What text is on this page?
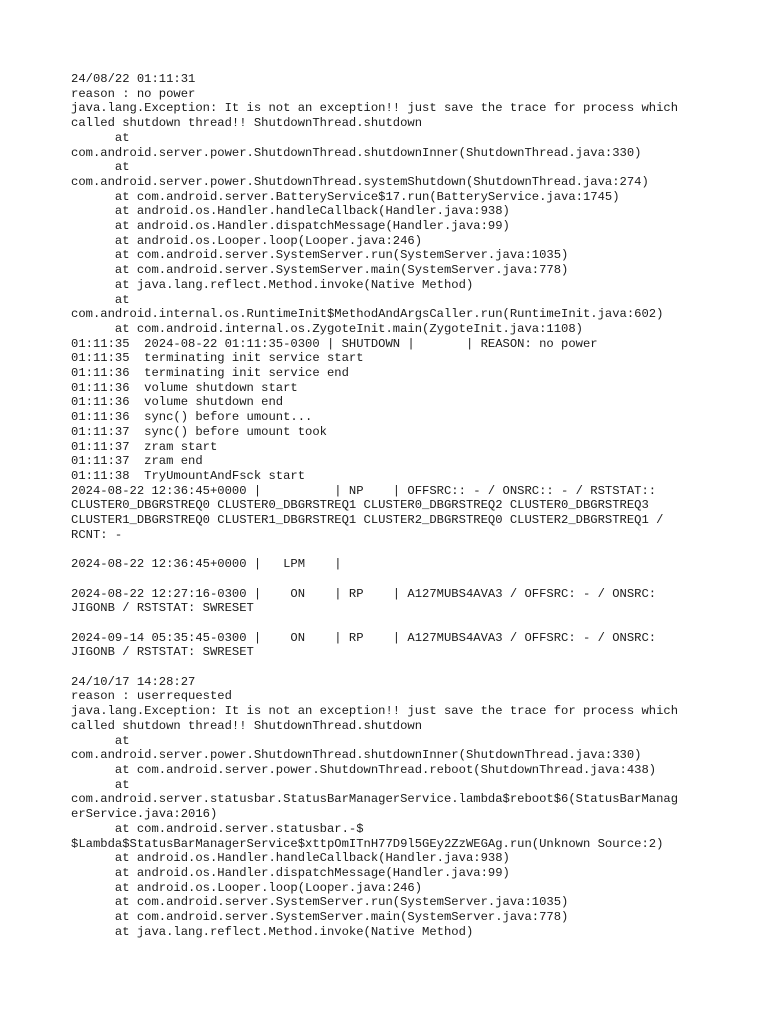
24/08/22 01:11:31
reason : no power
java.lang.Exception: It is not an exception!! just save the trace for process which
called shutdown thread!! ShutdownThread.shutdown
at
com.android.server.power.ShutdownThread.shutdownInner(ShutdownThread.java:330)
at
com.android.server.power.ShutdownThread.systemShutdown(ShutdownThread.java:274)
at com.android.server.BatteryService$17.run(BatteryService.java:1745)
at android.os.Handler.handleCallback(Handler.java:938)
at android.os.Handler.dispatchMessage(Handler.java:99)
at android.os.Looper.loop(Looper.java:246)
at com.android.server.SystemServer.run(SystemServer.java:1035)
at com.android.server.SystemServer.main(SystemServer.java:778)
at java.lang.reflect.Method.invoke(Native Method)
at
com.android.internal.os.RuntimeInit$MethodAndArgsCaller.run(RuntimeInit.java:602)
at com.android.internal.os.ZygoteInit.main(ZygoteInit.java:1108)
01:11:35  2024-08-22 01:11:35-0300 | SHUTDOWN |       | REASON: no power
01:11:35  terminating init service start
01:11:36  terminating init service end
01:11:36  volume shutdown start
01:11:36  volume shutdown end
01:11:36  sync() before umount...
01:11:37  sync() before umount took
01:11:37  zram start
01:11:37  zram end
01:11:38  TryUmountAndFsck start
2024-08-22 12:36:45+0000 |          | NP    | OFFSRC:: - / ONSRC:: - / RSTSTAT::
CLUSTER0_DBGRSTREQ0 CLUSTER0_DBGRSTREQ1 CLUSTER0_DBGRSTREQ2 CLUSTER0_DBGRSTREQ3
CLUSTER1_DBGRSTREQ0 CLUSTER1_DBGRSTREQ1 CLUSTER2_DBGRSTREQ0 CLUSTER2_DBGRSTREQ1 /
RCNT: -
2024-08-22 12:36:45+0000 |   LPM    |
2024-08-22 12:27:16-0300 |    ON    | RP    | A127MUBS4AVA3 / OFFSRC: - / ONSRC:
JIGONB / RSTSTAT: SWRESET
2024-09-14 05:35:45-0300 |    ON    | RP    | A127MUBS4AVA3 / OFFSRC: - / ONSRC:
JIGONB / RSTSTAT: SWRESET
24/10/17 14:28:27
reason : userrequested
java.lang.Exception: It is not an exception!! just save the trace for process which
called shutdown thread!! ShutdownThread.shutdown
at
com.android.server.power.ShutdownThread.shutdownInner(ShutdownThread.java:330)
at com.android.server.power.ShutdownThread.reboot(ShutdownThread.java:438)
at
com.android.server.statusbar.StatusBarManagerService.lambda$reboot$6(StatusBarManag
erService.java:2016)
at com.android.server.statusbar.-$
$Lambda$StatusBarManagerService$xttpOmITnH77D9l5GEy2ZzWEGAg.run(Unknown Source:2)
at android.os.Handler.handleCallback(Handler.java:938)
at android.os.Handler.dispatchMessage(Handler.java:99)
at android.os.Looper.loop(Looper.java:246)
at com.android.server.SystemServer.run(SystemServer.java:1035)
at com.android.server.SystemServer.main(SystemServer.java:778)
at java.lang.reflect.Method.invoke(Native Method)
